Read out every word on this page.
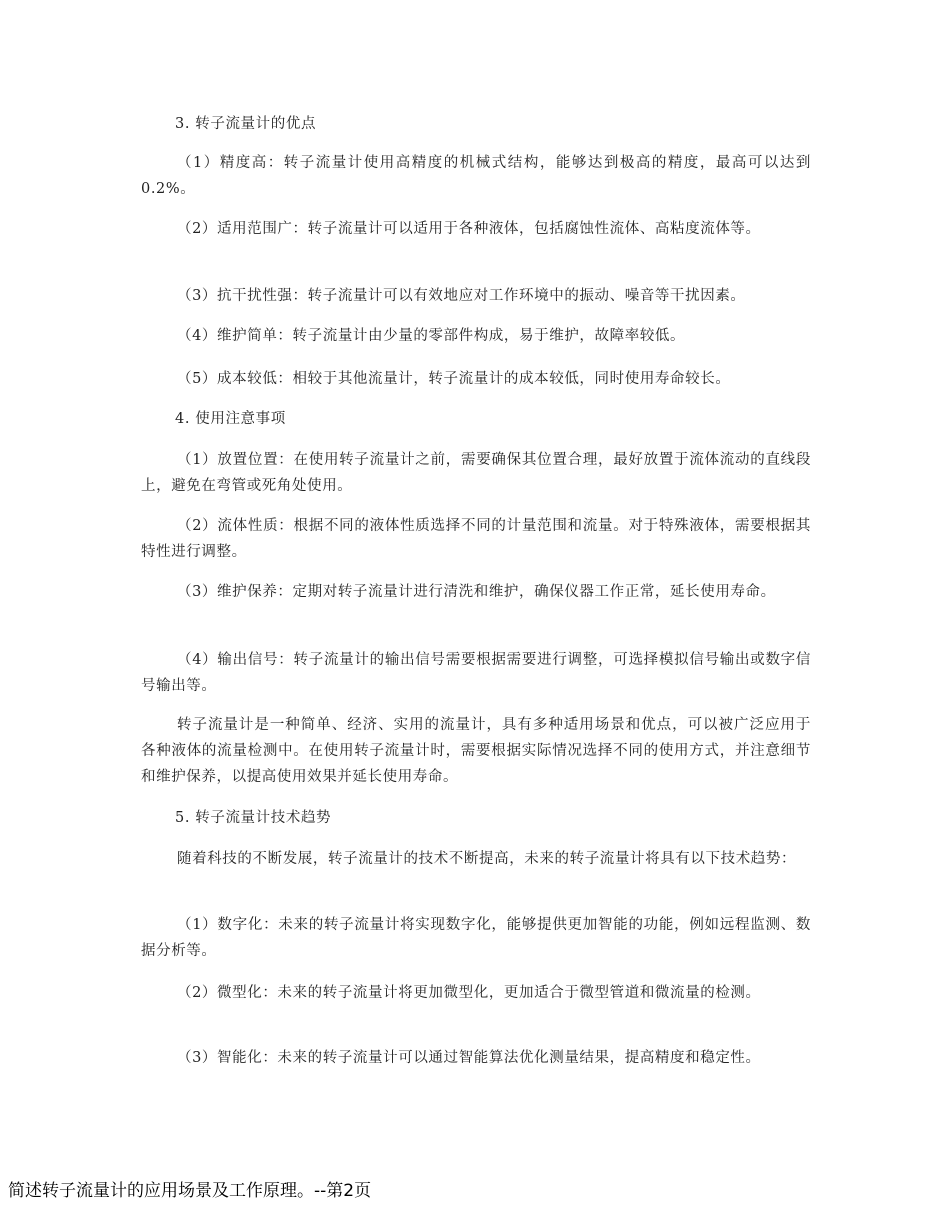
3. 转子流量计的优点

（1）精度高：转子流量计使用高精度的机械式结构，能够达到极高的精度，最高可以达到0.2%。

（2）适用范围广：转子流量计可以适用于各种液体，包括腐蚀性流体、高粘度流体等。

（3）抗干扰性强：转子流量计可以有效地应对工作环境中的振动、噪音等干扰因素。

（4）维护简单：转子流量计由少量的零部件构成，易于维护，故障率较低。

（5）成本较低：相较于其他流量计，转子流量计的成本较低，同时使用寿命较长。

4. 使用注意事项

（1）放置位置：在使用转子流量计之前，需要确保其位置合理，最好放置于流体流动的直线段上，避免在弯管或死角处使用。

（2）流体性质：根据不同的液体性质选择不同的计量范围和流量。对于特殊液体，需要根据其特性进行调整。

（3）维护保养：定期对转子流量计进行清洗和维护，确保仪器工作正常，延长使用寿命。

（4）输出信号：转子流量计的输出信号需要根据需要进行调整，可选择模拟信号输出或数字信号输出等。

转子流量计是一种简单、经济、实用的流量计，具有多种适用场景和优点，可以被广泛应用于各种液体的流量检测中。在使用转子流量计时，需要根据实际情况选择不同的使用方式，并注意细节和维护保养，以提高使用效果并延长使用寿命。

5. 转子流量计技术趋势

随着科技的不断发展，转子流量计的技术不断提高，未来的转子流量计将具有以下技术趋势：

（1）数字化：未来的转子流量计将实现数字化，能够提供更加智能的功能，例如远程监测、数据分析等。

（2）微型化：未来的转子流量计将更加微型化，更加适合于微型管道和微流量的检测。

（3）智能化：未来的转子流量计可以通过智能算法优化测量结果，提高精度和稳定性。

简述转子流量计的应用场景及工作原理。--第2页
